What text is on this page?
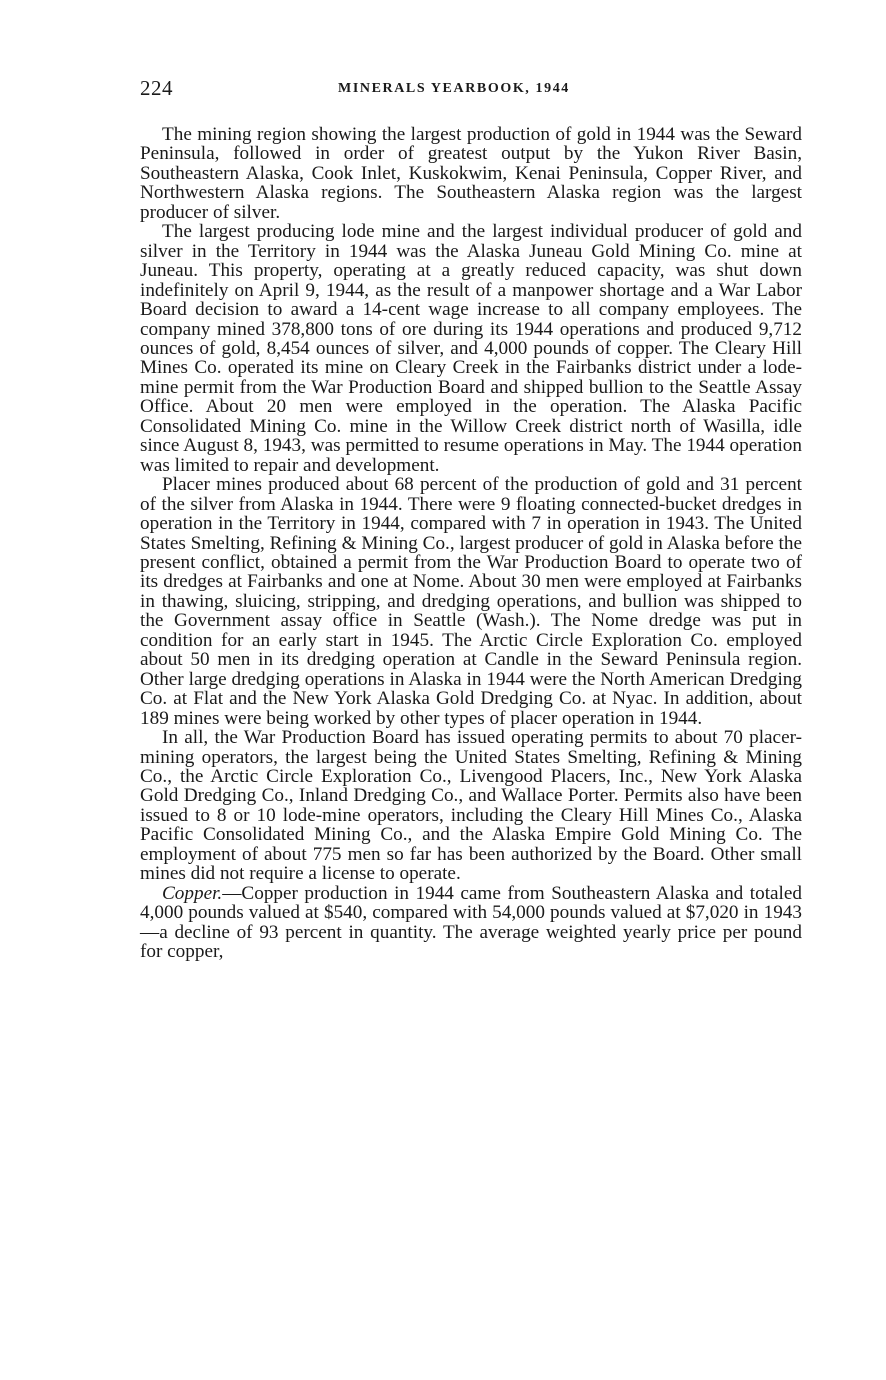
224	MINERALS YEARBOOK, 1944

The mining region showing the largest production of gold in 1944 was the Seward Peninsula, followed in order of greatest output by the Yukon River Basin, Southeastern Alaska, Cook Inlet, Kuskokwim, Kenai Peninsula, Copper River, and Northwestern Alaska regions. The Southeastern Alaska region was the largest producer of silver.

The largest producing lode mine and the largest individual producer of gold and silver in the Territory in 1944 was the Alaska Juneau Gold Mining Co. mine at Juneau. This property, operating at a greatly reduced capacity, was shut down indefinitely on April 9, 1944, as the result of a manpower shortage and a War Labor Board decision to award a 14-cent wage increase to all company employees. The company mined 378,800 tons of ore during its 1944 operations and produced 9,712 ounces of gold, 8,454 ounces of silver, and 4,000 pounds of copper. The Cleary Hill Mines Co. operated its mine on Cleary Creek in the Fairbanks district under a lode-mine permit from the War Production Board and shipped bullion to the Seattle Assay Office. About 20 men were employed in the operation. The Alaska Pacific Consolidated Mining Co. mine in the Willow Creek district north of Wasilla, idle since August 8, 1943, was permitted to resume operations in May. The 1944 operation was limited to repair and development.

Placer mines produced about 68 percent of the production of gold and 31 percent of the silver from Alaska in 1944. There were 9 floating connected-bucket dredges in operation in the Territory in 1944, compared with 7 in operation in 1943. The United States Smelting, Refining & Mining Co., largest producer of gold in Alaska before the present conflict, obtained a permit from the War Production Board to operate two of its dredges at Fairbanks and one at Nome. About 30 men were employed at Fairbanks in thawing, sluicing, stripping, and dredging operations, and bullion was shipped to the Government assay office in Seattle (Wash.). The Nome dredge was put in condition for an early start in 1945. The Arctic Circle Exploration Co. employed about 50 men in its dredging operation at Candle in the Seward Peninsula region. Other large dredging operations in Alaska in 1944 were the North American Dredging Co. at Flat and the New York Alaska Gold Dredging Co. at Nyac. In addition, about 189 mines were being worked by other types of placer operation in 1944.

In all, the War Production Board has issued operating permits to about 70 placer-mining operators, the largest being the United States Smelting, Refining & Mining Co., the Arctic Circle Exploration Co., Livengood Placers, Inc., New York Alaska Gold Dredging Co., Inland Dredging Co., and Wallace Porter. Permits also have been issued to 8 or 10 lode-mine operators, including the Cleary Hill Mines Co., Alaska Pacific Consolidated Mining Co., and the Alaska Empire Gold Mining Co. The employment of about 775 men so far has been authorized by the Board. Other small mines did not require a license to operate.

Copper.—Copper production in 1944 came from Southeastern Alaska and totaled 4,000 pounds valued at $540, compared with 54,000 pounds valued at $7,020 in 1943—a decline of 93 percent in quantity. The average weighted yearly price per pound for copper,
